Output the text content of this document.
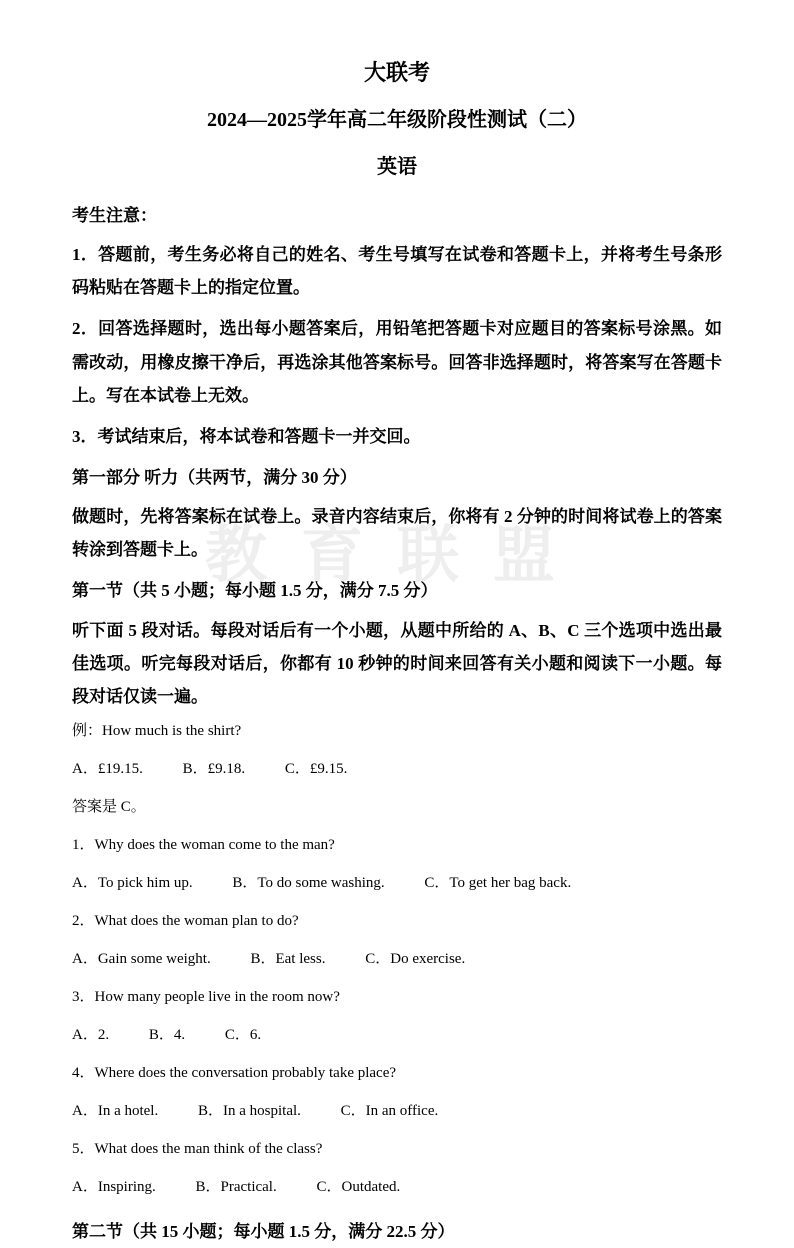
教育联盟
大联考
2024—2025学年高二年级阶段性测试（二）
英语

考生注意：

1．答题前，考生务必将自己的姓名、考生号填写在试卷和答题卡上，并将考生号条形码粘贴在答题卡上的指定位置。

2．回答选择题时，选出每小题答案后，用铅笔把答题卡对应题目的答案标号涂黑。如需改动，用橡皮擦干净后，再选涂其他答案标号。回答非选择题时，将答案写在答题卡上。写在本试卷上无效。

3．考试结束后，将本试卷和答题卡一并交回。

第一部分 听力（共两节，满分 30 分）

做题时，先将答案标在试卷上。录音内容结束后，你将有 2 分钟的时间将试卷上的答案转涂到答题卡上。

第一节（共 5 小题；每小题 1.5 分，满分 7.5 分）

听下面 5 段对话。每段对话后有一个小题，从题中所给的 A、B、C 三个选项中选出最佳选项。听完每段对话后，你都有 10 秒钟的时间来回答有关小题和阅读下一小题。每段对话仅读一遍。

例：How much is the shirt?

A．£19.15.	B．£9.18.	C．£9.15.

答案是 C。

1．Why does the woman come to the man?

A．To pick him up.	B．To do some washing.	C．To get her bag back.

2．What does the woman plan to do?

A．Gain some weight.	B．Eat less.	C．Do exercise.

3．How many people live in the room now?

A．2.	B．4.	C．6.

4．Where does the conversation probably take place?

A．In a hotel.	B．In a hospital.	C．In an office.

5．What does the man think of the class?

A．Inspiring.	B．Practical.	C．Outdated.

第二节（共 15 小题；每小题 1.5 分，满分 22.5 分）
